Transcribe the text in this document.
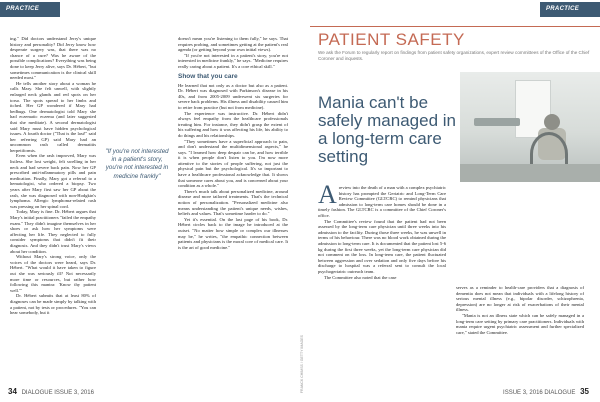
PRACTICE PARTNER
PRACTICE PARTNER

ing." Did doctors understand Jerry's unique history and personality? Did Jerry know how desperate surgery was, that there was no chance of a cure? Was he aware of the possible complications? Everything was being done to keep Jerry alive, says Dr. Hébert, "but sometimes communication is the clinical skill needed most."

He tells another story about a woman he calls Mary. She felt unwell, with slightly enlarged neck glands and red spots on her torso. The spots spread to her limbs and itched. Her GP wondered if Mary had bedbugs. One dermatologist told Mary she had eczematic eczema (and later suggested that she meditate). A second dermatologist said Mary must have hidden psychological issues. A fourth doctor ("That is the last!" said her referring GP) said Mary had an uncommon rash called dermatitis herpetiformis.

Even when the rash improved, Mary was listless. She lost weight, felt swelling in her neck and had severe back pain. Now her GP prescribed anti-inflammatory pills and pain medication. Finally, Mary got a referral to a hematologist, who ordered a biopsy. Two years after Mary first saw her GP about the rash, she was diagnosed with non-Hodgkin's lymphoma. Allergic lymphoma-related rash was pressing on her spinal cord.

Today, Mary is fine. Dr. Hébert argues that Mary's initial practitioners "failed the empathy exam." They didn't imagine themselves in her shoes or ask how her symptoms were affecting her life. They neglected to fully consider symptoms that didn't fit their diagnosis. And they didn't trust Mary's views about her condition.

Without Mary's strong voice, only the voices of the doctors were heard, says Dr. Hébert. "What would it have taken to figure out she was seriously ill? Not necessarily more time or resources, but rather how following this mantra: 'Know thy patient well.'"

Dr. Hébert submits that at least 80% of diagnoses can be made simply by talking with a patient, not by tests or procedures. "You can hear somebody, but it

"If you're not interested in a patient's story, you're not interested in medicine frankly"

doesn't mean you're listening to them fully," he says. That requires probing, and sometimes getting at the patient's real agenda (or getting beyond your own initial views).

"If you're not interested in a patient's story, you're not interested in medicine frankly," he says. "Medicine requires really caring about a patient. It's a core ethical skill."

Show that you care

He learned that not only as a doctor but also as a patient. Dr. Hébert was diagnosed with Parkinson's disease in his 40s, and from 2005-2009 underwent six surgeries for severe back problems. His illness and disability caused him to retire from practice (but not from medicine).

The experience was instructive. Dr. Hébert didn't always feel empathy from the healthcare professionals treating him. For instance, they didn't grasp the extent of his suffering and how it was affecting his life, his ability to do things and his relationships.

"They sometimes have a superficial approach to pain, and don't understand the multidimensional aspects," he says. "I learned how deep despair can be, and how terrible it is when people don't listen to you. I'm now more attentive to the stories of people suffering, not just the physical pain but the psychological. It's so important to have a healthcare professional acknowledge that. It shows that someone cares about you, and is concerned about your condition as a whole."

There's much talk about personalized medicine, around disease and more tailored treatments. That's the technical notion of personalization. "Personalized medicine also means understanding the patient's unique needs, wishes, beliefs and values. That's sometime harder to do."

Yet it's essential. On the last page of his book, Dr. Hébert circles back to the image he introduced at the outset. "No matter how simple or complex our illnesses may be," he writes, "the empathic connection between patients and physicians is the moral core of medical care. It is the art of good medicine."

FRANCK CHIMSS / GETTY IMAGES
PATIENT SAFETY
We ask the Forum to regularly report on findings from patient safety organizations, expert review committees of the Office of the Chief Coroner and inquests.
Mania can't be safely managed in a long-term care setting
A review into the death of a man with a complex psychiatric history has prompted the Geriatric and Long-Term Care Review Committee (GLTCRC) to remind physicians that admission to long-term care homes should be done in a timely fashion. The GLTCRC is a committee of the Chief Coroner's office.

The Committee's review found that the patient had not been assessed by the long-term care physician until three weeks into his admission to the facility. During those three weeks, he was unwell in terms of his behaviour. There was no blood work obtained during the admission to long-term care. It is documented that the patient lost 5-6 kg during the first three weeks, yet the long-term care physician did not comment on the loss. In long-term care, the patient fluctuated between aggression and over sedation and only five days before his discharge to hospital was a referral sent to consult the local psychogeriatric outreach team.

The Committee also noted that the case

serves as a reminder to health-care providers that a diagnosis of dementia does not mean that individuals with a lifelong history of serious mental illness (e.g., bipolar disorder, schizophrenia, depression) are no longer at risk of exacerbations of their mental illness.

"Mania is not an illness state which can be safely managed in a long-term care setting by primary care practitioners. Individuals with mania require urgent psychiatric assessment and further specialized care," stated the Committee.

34 DIALOGUE ISSUE 3, 2016	ISSUE 3, 2016 DIALOGUE 35
